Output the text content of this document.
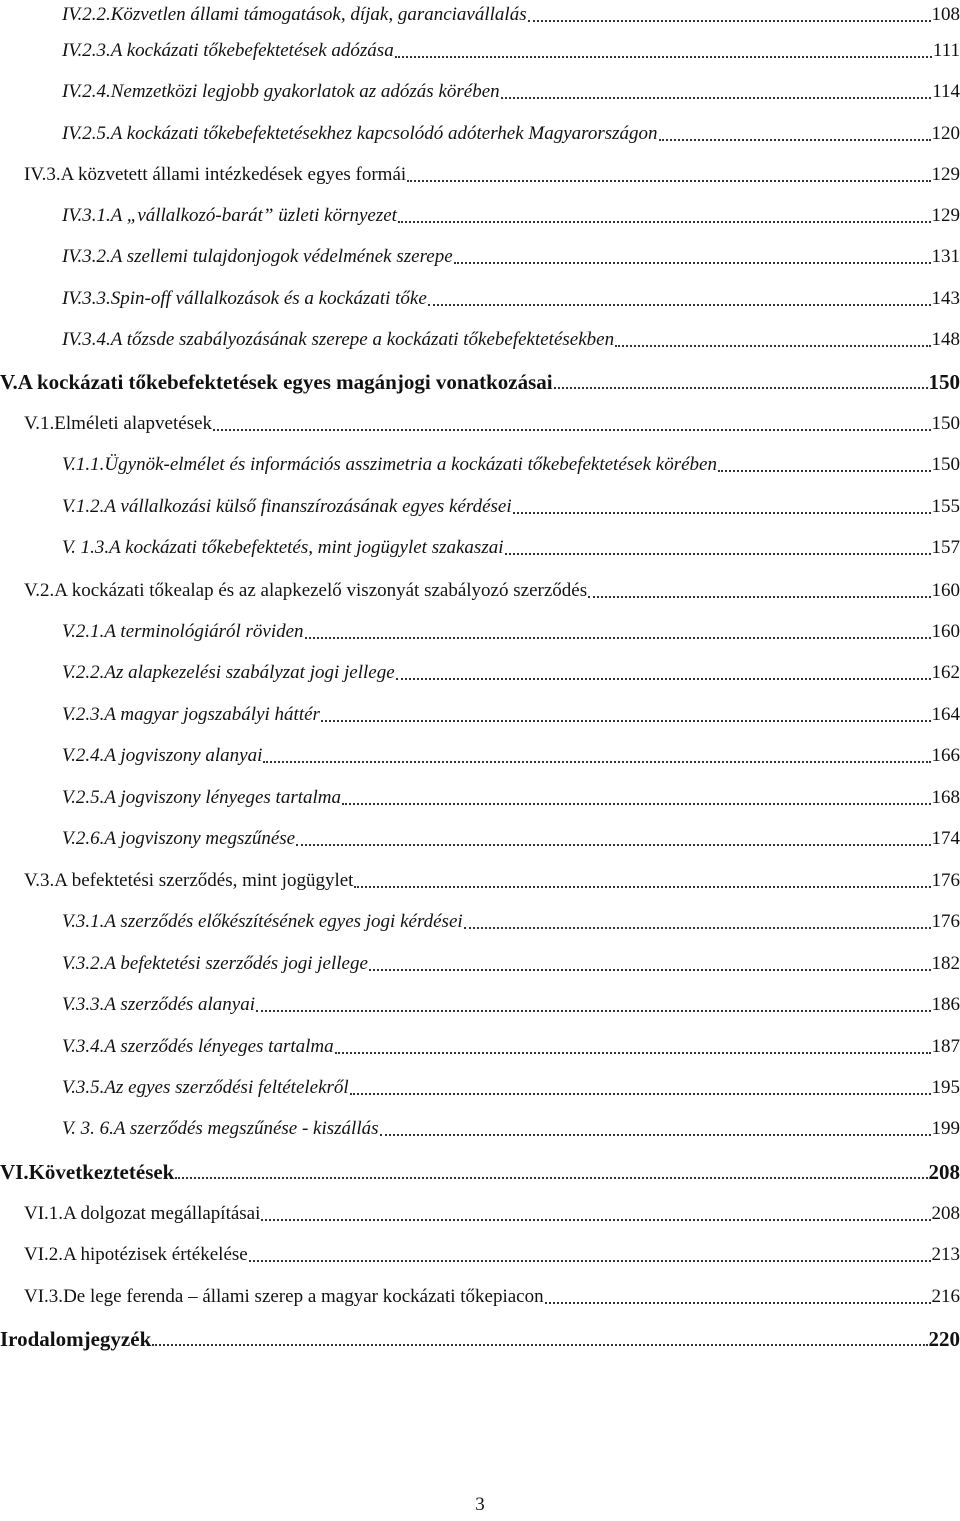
IV.2.2. Közvetlen állami támogatások, díjak, garanciavállalás	108
IV.2.3. A kockázati tőkebefektetések adózása	111
IV.2.4. Nemzetközi legjobb gyakorlatok az adózás körében	114
IV.2.5. A kockázati tőkebefektetésekhez kapcsolódó adóterhek Magyarországon	120
IV.3. A közvetett állami intézkedések egyes formái	129
IV.3.1. A „vállalkozó-barát” üzleti környezet	129
IV.3.2. A szellemi tulajdonjogok védelmének szerepe	131
IV.3.3. Spin-off vállalkozások és a kockázati tőke	143
IV.3.4. A tőzsde szabályozásának szerepe a kockázati tőkebefektetésekben	148
V. A kockázati tőkebefektetések egyes magánjogi vonatkozásai	150
V.1. Elméleti alapvetések	150
V.1.1. Ügynök-elmélet és információs asszimetria a kockázati tőkebefektetések körében	150
V.1.2. A vállalkozási külső finanszírozásának egyes kérdései	155
V. 1.3. A kockázati tőkebefektetés, mint jogügylet szakaszai	157
V.2. A kockázati tőkealap és az alapkezelő viszonyát szabályozó szerződés	160
V.2.1. A terminológiáról röviden	160
V.2.2. Az alapkezelési szabályzat jogi jellege	162
V.2.3. A magyar jogszabályi háttér	164
V.2.4. A jogviszony alanyai	166
V.2.5. A jogviszony lényeges tartalma	168
V.2.6. A jogviszony megszűnése	174
V.3. A befektetési szerződés, mint jogügylet	176
V.3.1. A szerződés előkészítésének egyes jogi kérdései	176
V.3.2. A befektetési szerződés jogi jellege	182
V.3.3. A szerződés alanyai	186
V.3.4. A szerződés lényeges tartalma	187
V.3.5. Az egyes szerződési feltételekről	195
V. 3. 6. A szerződés megszűnése - kiszállás	199
VI. Következtetések	208
VI.1. A dolgozat megállapításai	208
VI.2. A hipotézisek értékelése	213
VI.3. De lege ferenda – állami szerep a magyar kockázati tőkepiacon	216
Irodalomjegyzék	220
3
